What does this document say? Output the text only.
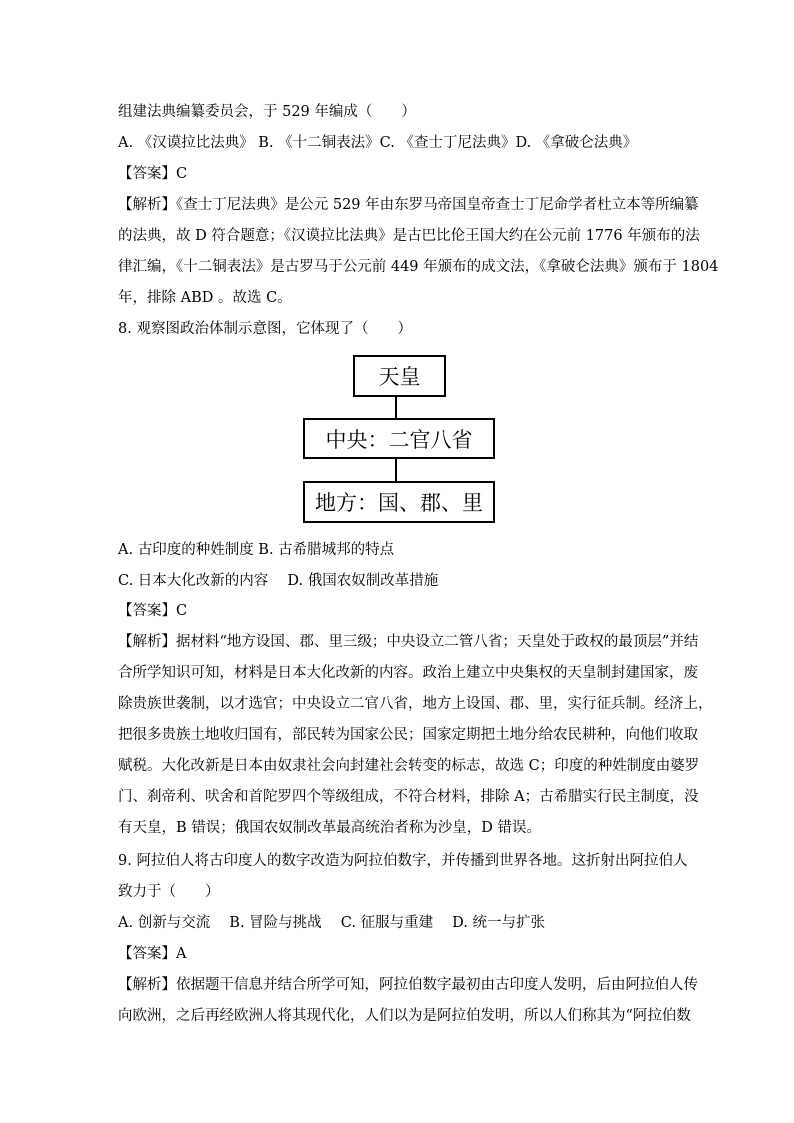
组建法典编纂委员会，于 529 年编成（　　）
A. 《汉谟拉比法典》 B. 《十二铜表法》C. 《查士丁尼法典》D. 《拿破仑法典》
【答案】C
【解析】《查士丁尼法典》是公元 529 年由东罗马帝国皇帝查士丁尼命学者杜立本等所编纂
的法典，故 D 符合题意；《汉谟拉比法典》是古巴比伦王国大约在公元前 1776 年颁布的法
律汇编，《十二铜表法》是古罗马于公元前 449 年颁布的成文法，《拿破仑法典》颁布于 1804
年，排除 ABD 。故选 C。
8. 观察图政治体制示意图，它体现了（　　）
天皇
中央：二官八省
地方：国、郡、里
A. 古印度的种姓制度 B. 古希腊城邦的特点
C. 日本大化改新的内容　 D. 俄国农奴制改革措施
【答案】C
【解析】据材料“地方设国、郡、里三级；中央设立二管八省；天皇处于政权的最顶层”并结
合所学知识可知，材料是日本大化改新的内容。政治上建立中央集权的天皇制封建国家，废
除贵族世袭制，以才选官；中央设立二官八省，地方上设国、郡、里，实行征兵制。经济上，
把很多贵族土地收归国有，部民转为国家公民；国家定期把土地分给农民耕种，向他们收取
赋税。大化改新是日本由奴隶社会向封建社会转变的标志，故选 C；印度的种姓制度由婆罗
门、刹帝利、吠舍和首陀罗四个等级组成，不符合材料，排除 A；古希腊实行民主制度，没
有天皇，B 错误；俄国农奴制改革最高统治者称为沙皇，D 错误。
9. 阿拉伯人将古印度人的数字改造为阿拉伯数字，并传播到世界各地。这折射出阿拉伯人
致力于（　　）
A. 创新与交流　 B. 冒险与挑战　 C. 征服与重建　 D. 统一与扩张
【答案】A
【解析】依据题干信息并结合所学可知，阿拉伯数字最初由古印度人发明，后由阿拉伯人传
向欧洲，之后再经欧洲人将其现代化，人们以为是阿拉伯发明，所以人们称其为“阿拉伯数
